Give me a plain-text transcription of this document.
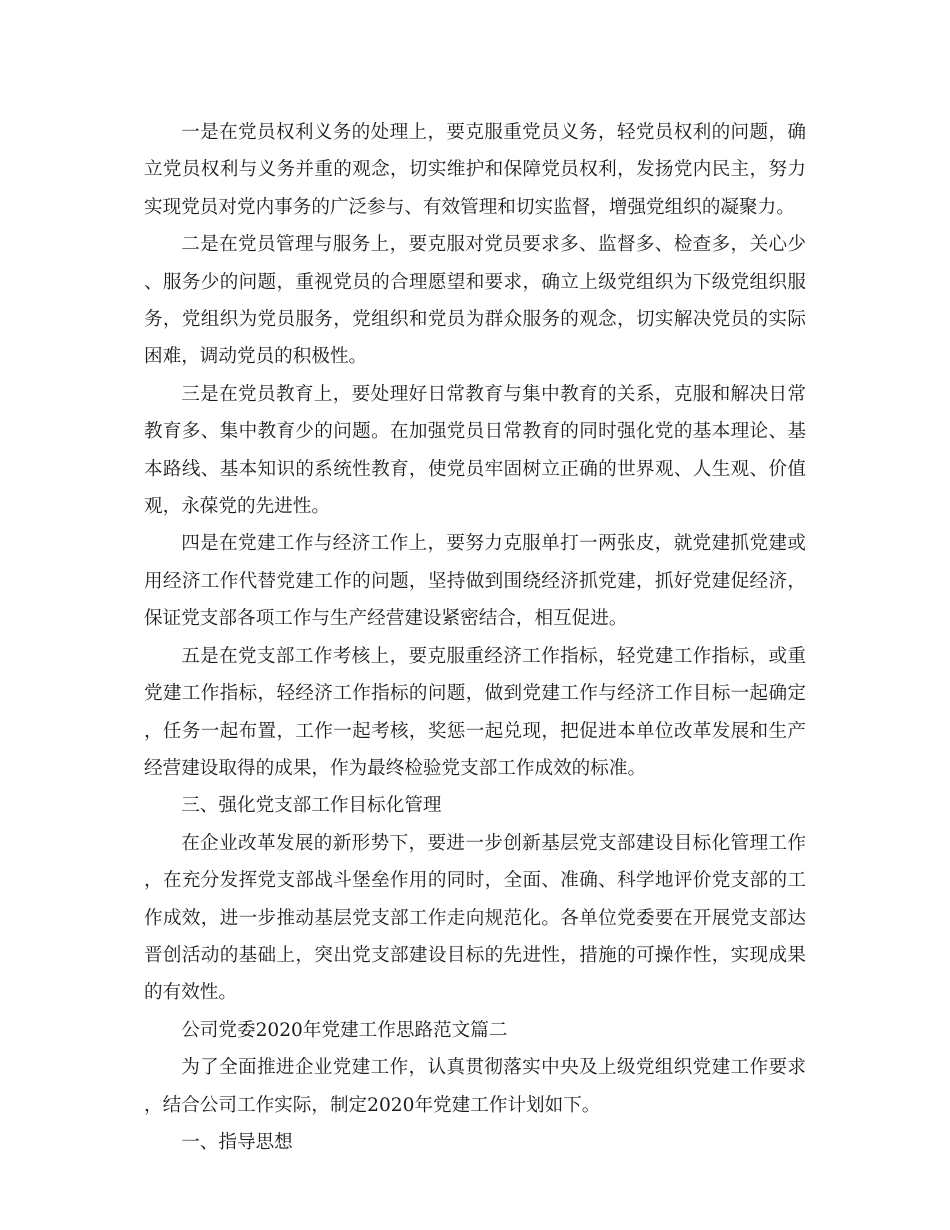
一是在党员权利义务的处理上，要克服重党员义务，轻党员权利的问题，确立党员权利与义务并重的观念，切实维护和保障党员权利，发扬党内民主，努力实现党员对党内事务的广泛参与、有效管理和切实监督，增强党组织的凝聚力。

二是在党员管理与服务上，要克服对党员要求多、监督多、检查多，关心少、服务少的问题，重视党员的合理愿望和要求，确立上级党组织为下级党组织服务，党组织为党员服务，党组织和党员为群众服务的观念，切实解决党员的实际困难，调动党员的积极性。

三是在党员教育上，要处理好日常教育与集中教育的关系，克服和解决日常教育多、集中教育少的问题。在加强党员日常教育的同时强化党的基本理论、基本路线、基本知识的系统性教育，使党员牢固树立正确的世界观、人生观、价值观，永葆党的先进性。

四是在党建工作与经济工作上，要努力克服单打一两张皮，就党建抓党建或用经济工作代替党建工作的问题，坚持做到围绕经济抓党建，抓好党建促经济，保证党支部各项工作与生产经营建设紧密结合，相互促进。

五是在党支部工作考核上，要克服重经济工作指标，轻党建工作指标，或重党建工作指标，轻经济工作指标的问题，做到党建工作与经济工作目标一起确定，任务一起布置，工作一起考核，奖惩一起兑现，把促进本单位改革发展和生产经营建设取得的成果，作为最终检验党支部工作成效的标准。

三、强化党支部工作目标化管理

在企业改革发展的新形势下，要进一步创新基层党支部建设目标化管理工作，在充分发挥党支部战斗堡垒作用的同时，全面、准确、科学地评价党支部的工作成效，进一步推动基层党支部工作走向规范化。各单位党委要在开展党支部达晋创活动的基础上，突出党支部建设目标的先进性，措施的可操作性，实现成果的有效性。

公司党委2020年党建工作思路范文篇二

为了全面推进企业党建工作，认真贯彻落实中央及上级党组织党建工作要求，结合公司工作实际，制定2020年党建工作计划如下。

一、指导思想
